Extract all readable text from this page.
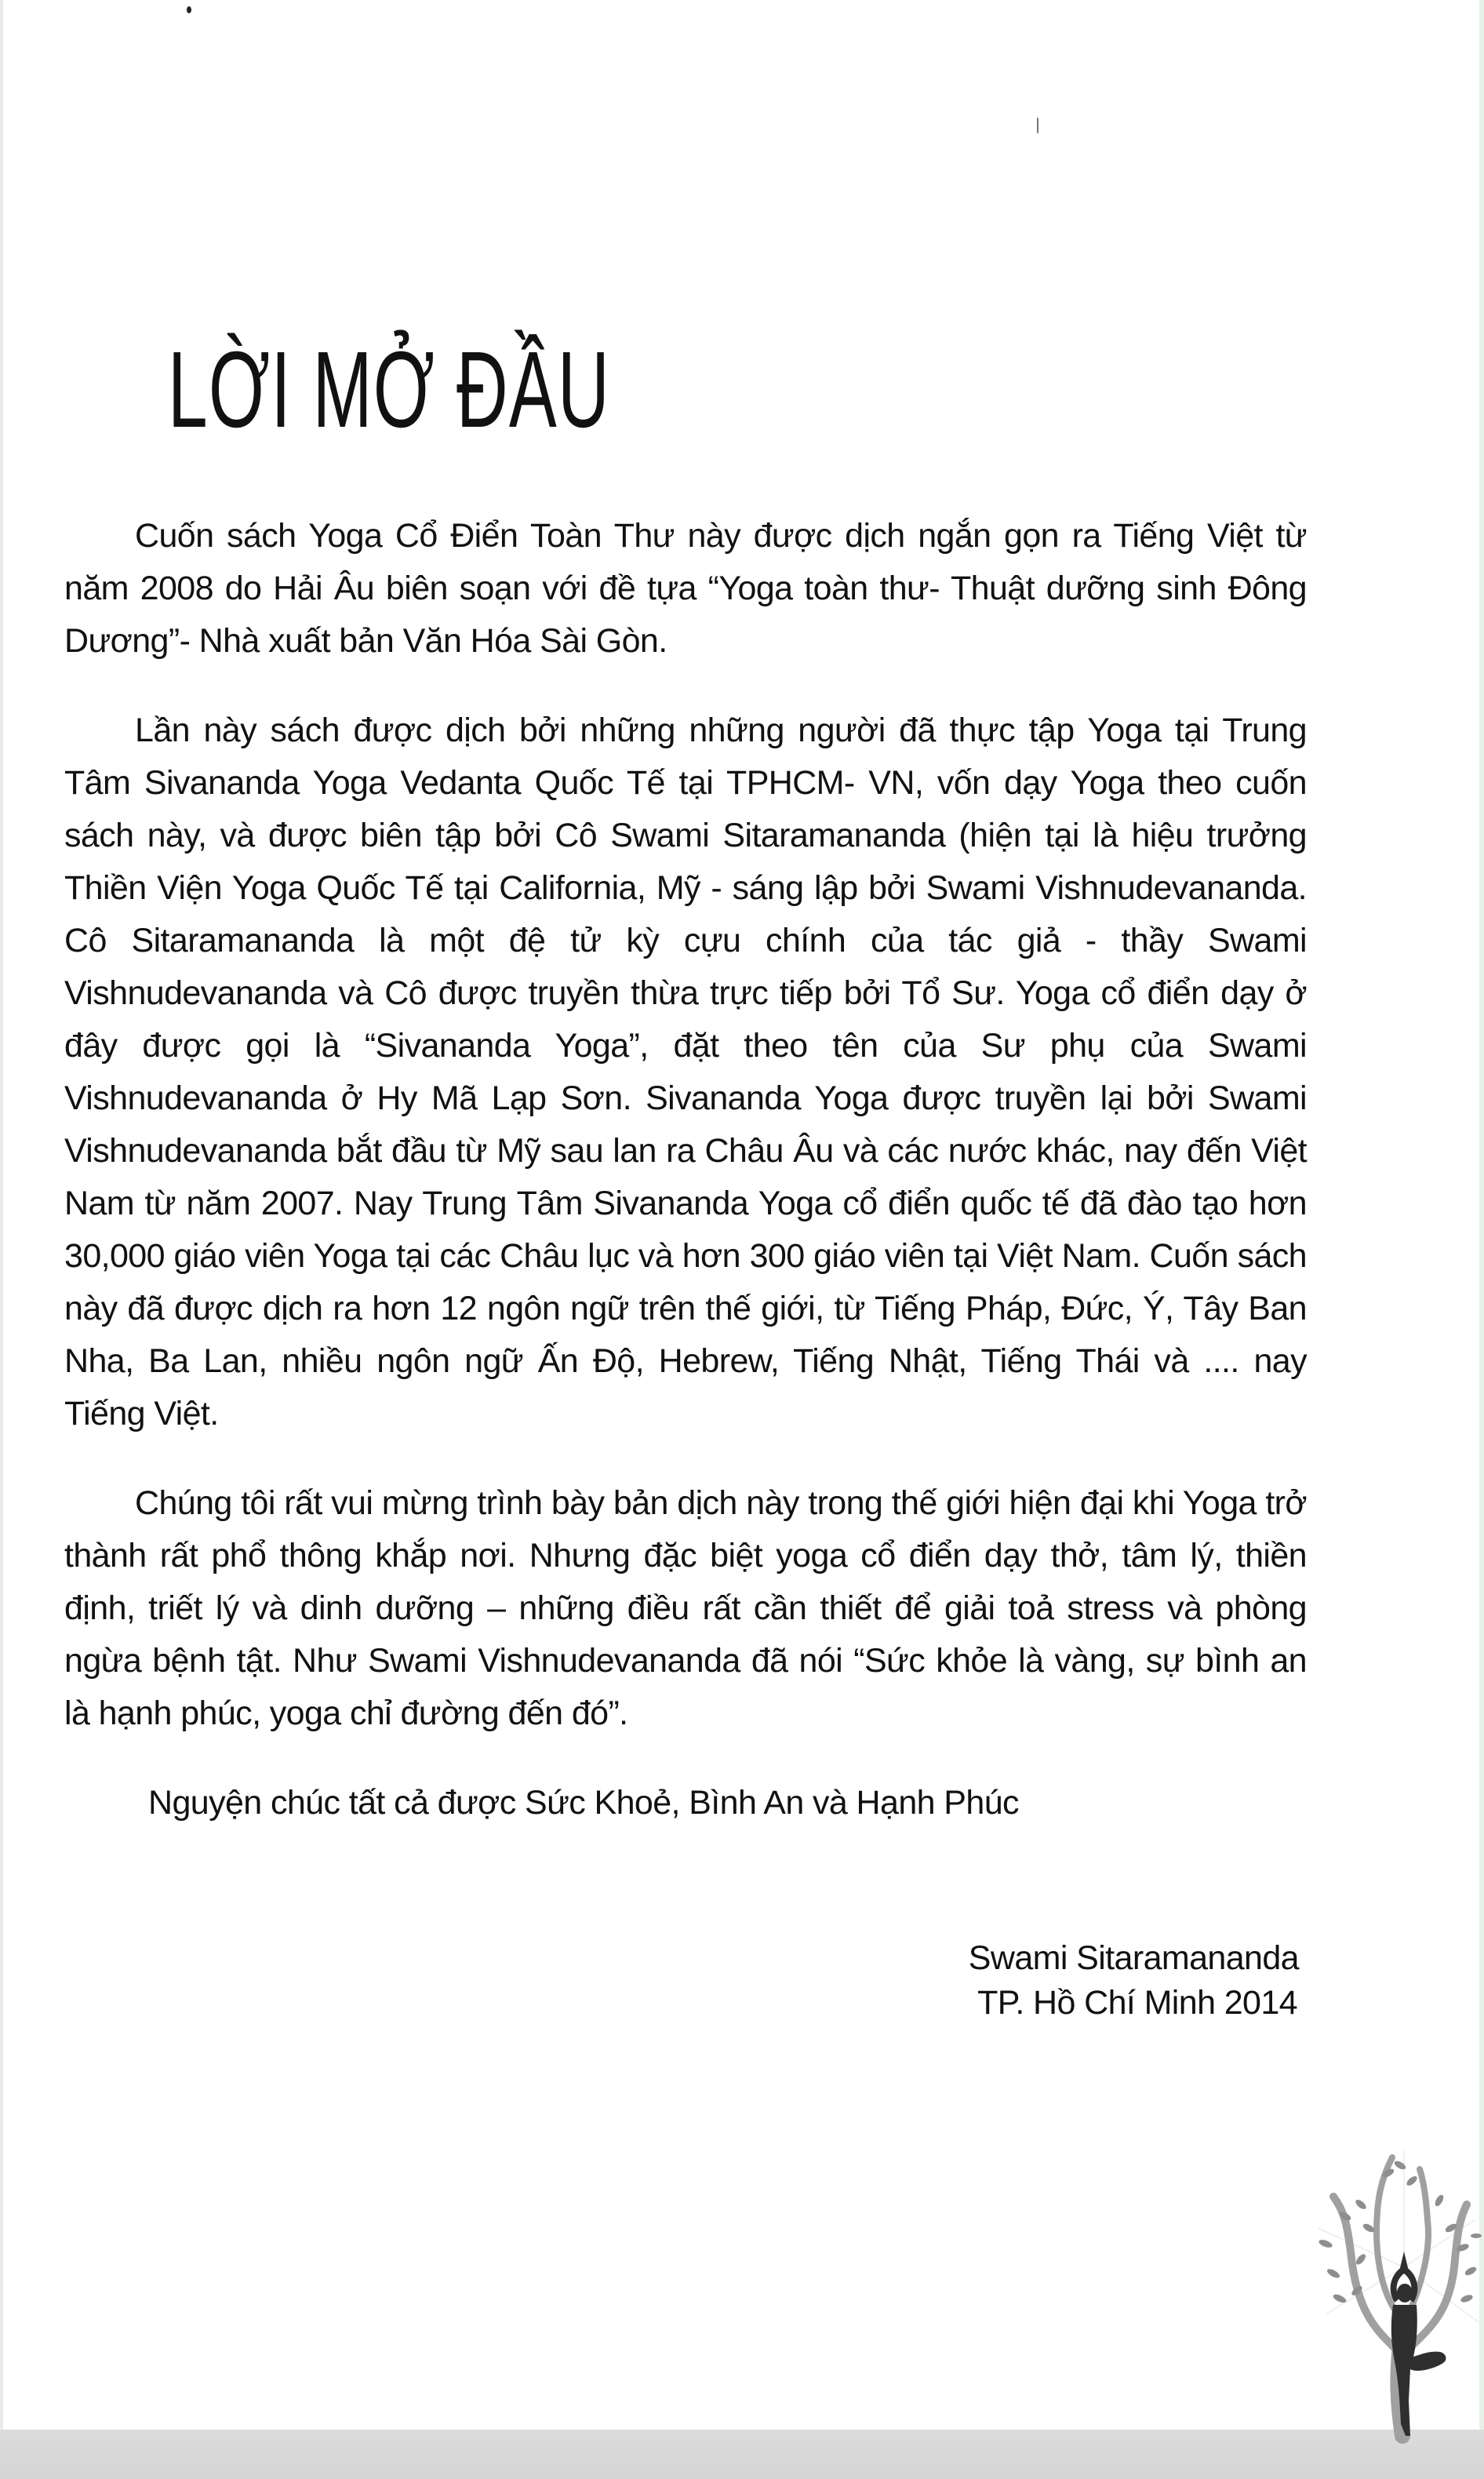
LỜI MỞ ĐẦU

Cuốn sách Yoga Cổ Điển Toàn Thư này được dịch ngắn gọn ra Tiếng Việt từ năm 2008 do Hải Âu biên soạn với đề tựa “Yoga toàn thư- Thuật dưỡng sinh Đông Dương”- Nhà xuất bản Văn Hóa Sài Gòn.

Lần này sách được dịch bởi những những người đã thực tập Yoga tại Trung Tâm Sivananda Yoga Vedanta Quốc Tế tại TPHCM- VN, vốn dạy Yoga theo cuốn sách này, và được biên tập bởi Cô Swami Sitaramananda (hiện tại là hiệu trưởng Thiền Viện Yoga Quốc Tế tại California, Mỹ - sáng lập bởi Swami Vishnudevananda. Cô Sitaramananda là một đệ tử kỳ cựu chính của tác giả - thầy Swami Vishnudevananda và Cô được truyền thừa trực tiếp bởi Tổ Sư. Yoga cổ điển dạy ở đây được gọi là “Sivananda Yoga”, đặt theo tên của Sư phụ của Swami Vishnudevananda ở Hy Mã Lạp Sơn. Sivananda Yoga được truyền lại bởi Swami Vishnudevananda bắt đầu từ Mỹ sau lan ra Châu Âu và các nước khác, nay đến Việt Nam từ năm 2007. Nay Trung Tâm Sivananda Yoga cổ điển quốc tế đã đào tạo hơn 30,000 giáo viên Yoga tại các Châu lục và hơn 300 giáo viên tại Việt Nam. Cuốn sách này đã được dịch ra hơn 12 ngôn ngữ trên thế giới, từ Tiếng Pháp, Đức, Ý, Tây Ban Nha, Ba Lan, nhiều ngôn ngữ Ấn Độ, Hebrew, Tiếng Nhật, Tiếng Thái và .... nay Tiếng Việt.

Chúng tôi rất vui mừng trình bày bản dịch này trong thế giới hiện đại khi Yoga trở thành rất phổ thông khắp nơi. Nhưng đặc biệt yoga cổ điển dạy thở, tâm lý, thiền định, triết lý và dinh dưỡng – những điều rất cần thiết để giải toả stress và phòng ngừa bệnh tật. Như Swami Vishnudevananda đã nói “Sức khỏe là vàng, sự bình an là hạnh phúc, yoga chỉ đường đến đó”.

Nguyện chúc tất cả được Sức Khoẻ, Bình An và Hạnh Phúc

Swami Sitaramananda
TP. Hồ Chí Minh 2014
